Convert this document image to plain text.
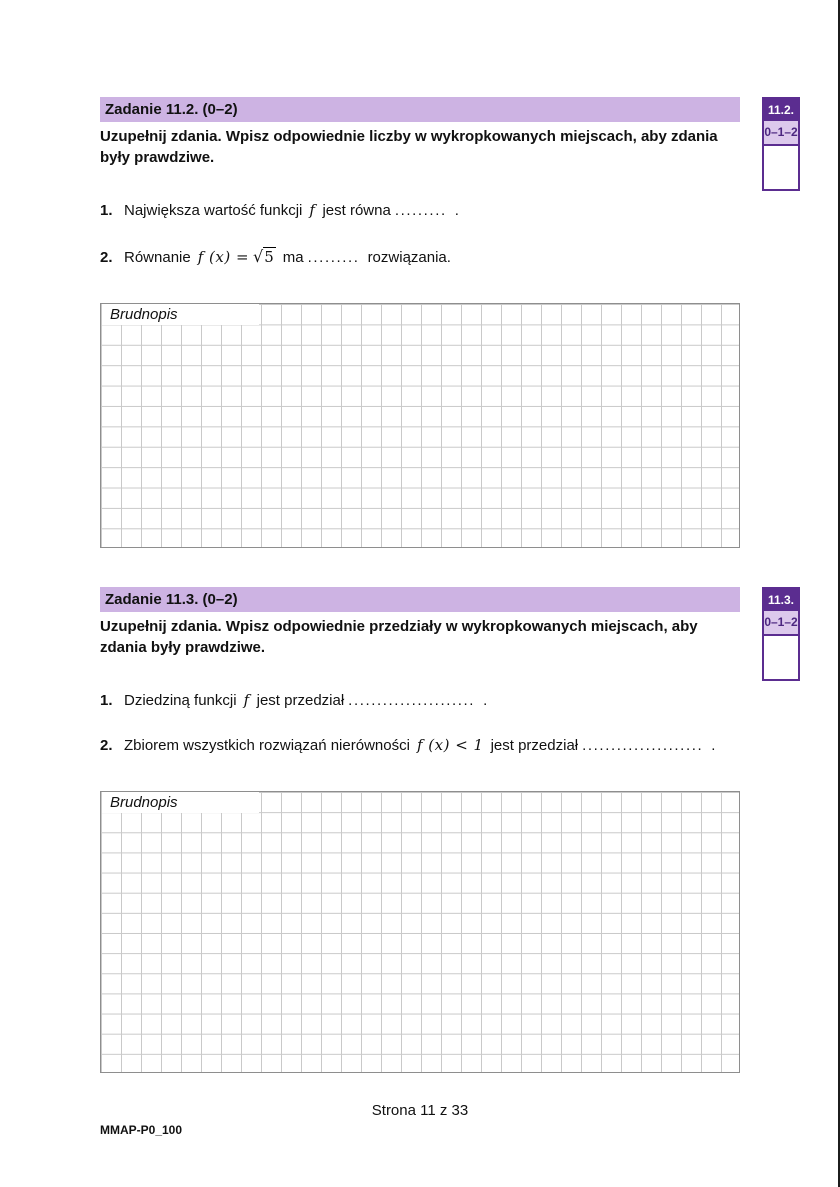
Zadanie 11.2. (0–2)	11.2.
0–1–2
Uzupełnij zdania. Wpisz odpowiednie liczby w wykropkowanych miejscach, aby zdania były prawdziwe.
1. Największa wartość funkcji f jest równa ......... .
2. Równanie f (x) = √5 ma ......... rozwiązania.
Brudnopis
Zadanie 11.3. (0–2)	11.3.
0–1–2
Uzupełnij zdania. Wpisz odpowiednie przedziały w wykropkowanych miejscach, aby zdania były prawdziwe.
1. Dziedziną funkcji f jest przedział ...................... .
2. Zbiorem wszystkich rozwiązań nierówności f (x) < 1 jest przedział ..................... .
Brudnopis
Strona 11 z 33
MMAP-P0_100
